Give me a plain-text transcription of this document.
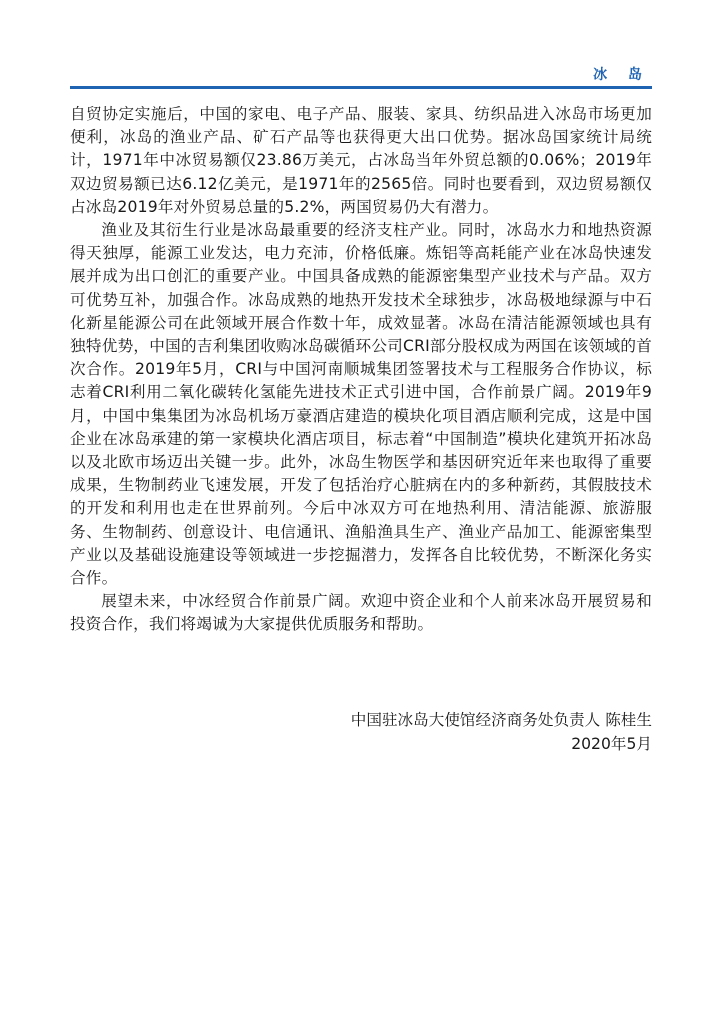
冰 岛

自贸协定实施后，中国的家电、电子产品、服装、家具、纺织品进入冰岛市场更加便利，冰岛的渔业产品、矿石产品等也获得更大出口优势。据冰岛国家统计局统计，1971年中冰贸易额仅23.86万美元，占冰岛当年外贸总额的0.06%；2019年双边贸易额已达6.12亿美元，是1971年的2565倍。同时也要看到，双边贸易额仅占冰岛2019年对外贸易总量的5.2%，两国贸易仍大有潜力。

渔业及其衍生行业是冰岛最重要的经济支柱产业。同时，冰岛水力和地热资源得天独厚，能源工业发达，电力充沛，价格低廉。炼铝等高耗能产业在冰岛快速发展并成为出口创汇的重要产业。中国具备成熟的能源密集型产业技术与产品。双方可优势互补，加强合作。冰岛成熟的地热开发技术全球独步，冰岛极地绿源与中石化新星能源公司在此领域开展合作数十年，成效显著。冰岛在清洁能源领域也具有独特优势，中国的吉利集团收购冰岛碳循环公司CRI部分股权成为两国在该领域的首次合作。2019年5月，CRI与中国河南顺城集团签署技术与工程服务合作协议，标志着CRI利用二氧化碳转化氢能先进技术正式引进中国，合作前景广阔。2019年9月，中国中集集团为冰岛机场万豪酒店建造的模块化项目酒店顺利完成，这是中国企业在冰岛承建的第一家模块化酒店项目，标志着“中国制造”模块化建筑开拓冰岛以及北欧市场迈出关键一步。此外，冰岛生物医学和基因研究近年来也取得了重要成果，生物制药业飞速发展，开发了包括治疗心脏病在内的多种新药，其假肢技术的开发和利用也走在世界前列。今后中冰双方可在地热利用、清洁能源、旅游服务、生物制药、创意设计、电信通讯、渔船渔具生产、渔业产品加工、能源密集型产业以及基础设施建设等领域进一步挖掘潜力，发挥各自比较优势，不断深化务实合作。

展望未来，中冰经贸合作前景广阔。欢迎中资企业和个人前来冰岛开展贸易和投资合作，我们将竭诚为大家提供优质服务和帮助。

中国驻冰岛大使馆经济商务处负责人 陈桂生
2020年5月
